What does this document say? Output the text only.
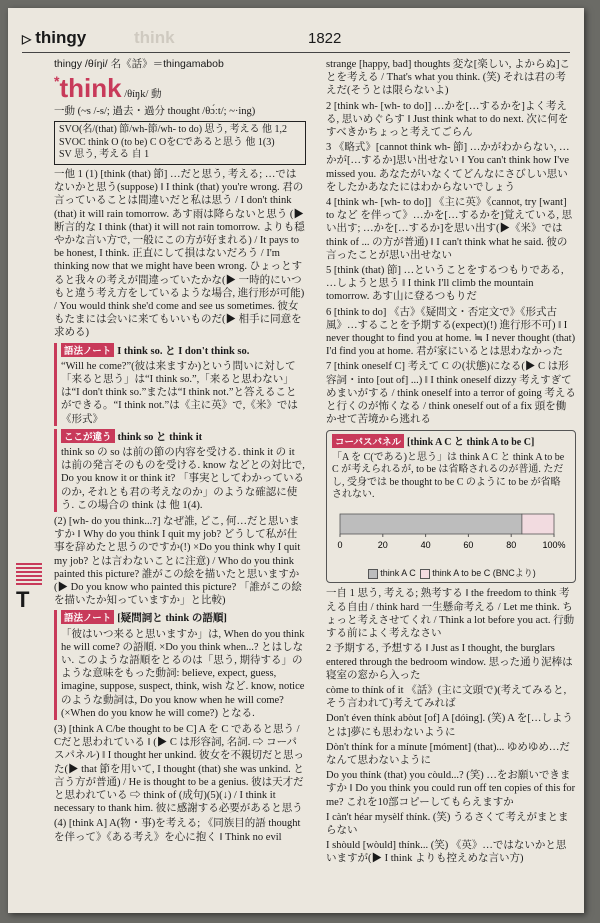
▷ thingy	think	1822
T

thingy /θíŋi/ 名《話》＝thingamabob

*think /θíŋk/ 動

一動 (~s /-s/; 過去・過分 thought /θɔ́ːt/; ~·ing)

SVO(名/(that) 節/wh-節/wh- to do) 思う, 考える 他 1,2
SVOC think O (to be) C OをCであると思う 他 1(3)
SV 思う, 考える 自 1

一他 1 (1) [think (that) 節] …だと思う, 考える; …ではないかと思う(suppose) ‖ I think (that) you're wrong. 君の言っていることは間違いだと私は思う / I don't think (that) it will rain tomorrow. あす雨は降らないと思う (▶ 断言的な I think (that) it will not rain tomorrow. よりも穏やかな言い方で, 一般にこの方が好まれる) / It pays to be honest, I think. 正直にして損はないだろう / I'm thinking now that we might have been wrong. ひょっとすると我々の考えが間違っていたかな(▶ 一時的にいつもと違う考え方をしているような場合, 進行形が可能) / You would think she'd come and see us sometimes. 彼女もたまには会いに来てもいいものだ(▶ 相手に同意を求める)

語法ノート I think so. と I don't think so.

“Will he come?”(彼は来ますか)という問いに対して「来ると思う」は“I think so.”,「来ると思わない」は“I don't think so.”または“I think not.”と答えることができる。“I think not.”は《主に英》で,《米》では《形式》

ここが違う think so と think it

think so の so は前の節の内容を受ける. think it の it は前の発言そのものを受ける. know などとの対比で, Do you know it or think it? 「事実としてわかっているのか, それとも君の考えなのか」のような確認に使う. この場合の think は 他 1(4).

(2) [wh- do you think...?] なぜ誰, どこ, 何…だと思いますか ‖ Why do you think I quit my job? どうして私が仕事を辞めたと思うのですか(!) ×Do you think why I quit my job? とは言わないことに注意) / Who do you think painted this picture? 誰がこの絵を描いたと思いますか (▶ Do you know who painted this picture? 「誰がこの絵を描いたか知っていますか」と比較)

語法ノート [疑問詞と think の語順]

「彼はいつ来ると思いますか」は, When do you think he will come? の語順. ×Do you think when...? とはしない. このような語順をとるのは「思う, 期待する」のような意味をもった動詞: believe, expect, guess, imagine, suppose, suspect, think, wish など. know, notice のような動詞は, Do you know when he will come? (×When do you know he will come?) となる.

(3) [think A C/be thought to be C] A を C であると思う / Cだと思われている ‖ (▶ C は形容詞, 名詞. ⇨ コーパスパネル) ‖ I thought her unkind. 彼女を不親切だと思った(▶ that 節を用いて, I thought (that) she was unkind. と言う方が普通) / He is thought to be a genius. 彼は天才だと思われている ⇨ think of (成句)(5)(↓) / I think it necessary to thank him. 彼に感謝する必要があると思う

(4) [think A] A(物・事)を考える; 《同族目的語 thought を伴って》《ある考え》を心に抱く ‖ Think no evil

strange [happy, bad] thoughts 変な[楽しい, よからぬ]ことを考える / That's what you think. (笑) それは君の考えだ(そうとは限らないよ)

2 [think wh- [wh- to do]] …かを[…するかを]よく考える, 思いめぐらす ‖ Just think what to do next. 次に何をすべきかちょっと考えてごらん

3 《略式》[cannot think wh- 節] …かがわからない, …かが[…するか]思い出せない ‖ You can't think how I've missed you. あなたがいなくてどんなにさびしい思いをしたかあなたにはわからないでしょう

4 [think wh- [wh- to do]] 《主に英》《cannot, try [want] to など を伴って》…かを[…するかを]覚えている, 思い出す; …かを[…するか]を思い出す(▶《米》では think of ... の方が普通) ‖ I can't think what he said. 彼の言ったことが思い出せない

5 [think (that) 節] …ということをするつもりである, …しようと思う ‖ I think I'll climb the mountain tomorrow. あす山に登るつもりだ

6 [think to do] 《古》《疑問文・否定文で》《形式古風》…することを予期する(expect)(!) 進行形不可) ‖ I never thought to find you at home. ≒ I never thought (that) I'd find you at home. 君が家にいるとは思わなかった

7 [think oneself C] 考えて C の(状態)になる(▶ C は形容詞・into [out of] ...) ‖ I think oneself dizzy 考えすぎてめまいがする / think oneself into a terror of going 考えると行くのが怖くなる / think oneself out of a fix 頭を働かせて苦境から逃れる

コーパスパネル [think A C と think A to be C]

「A を C(である)と思う」は think A C と think A to be C が考えられるが, to be は省略されるのが普通. ただし, 受身では be thought to be C のように to be が省略されない.

0	20	40	60	80	100%
think A C think A to be C (BNCより)

一自 1 思う, 考える; 熟考する ‖ the freedom to think 考える自由 / think hard 一生懸命考える / Let me think. ちょっと考えさせてくれ / Think a lot before you act. 行動する前によく考えなさい

2 予期する, 予想する ‖ Just as I thought, the burglars entered through the bedroom window. 思った通り泥棒は寝室の窓から入った

còme to thínk of it 《話》(主に文頭で)(考えてみると, そう言われて)考えてみれば

Don't éven thínk abòut [of] A [dóing]. (笑) A を[…しようとは]夢にも思わないように

Dòn't thínk for a mínute [móment] (that)... ゆめゆめ…だなんて思わないように

Do you thínk (that) you còuld...? (笑) …をお願いできますか ‖ Do you think you could run off ten copies of this for me? これを10部コピーしてもらえますか

I càn't héar mysèlf thínk. (笑) うるさくて考えがまとまらない

I shòuld [wòuld] thínk... (笑) 《英》…ではないかと思いますが(▶ I think よりも控えめな言い方)
